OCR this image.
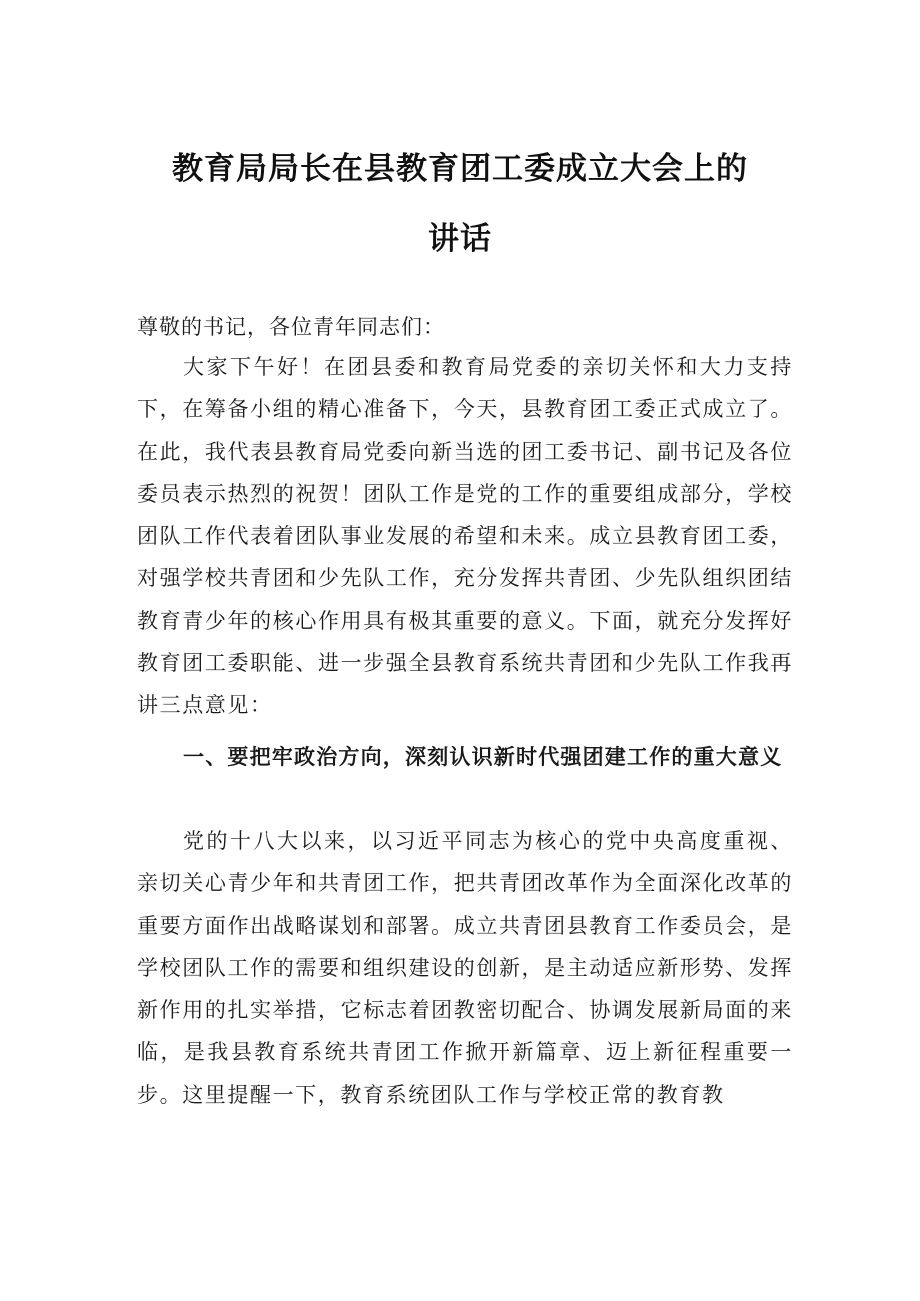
教育局局长在县教育团工委成立大会上的
讲话
尊敬的书记，各位青年同志们：

大家下午好！在团县委和教育局党委的亲切关怀和大力支持下，在筹备小组的精心准备下，今天，县教育团工委正式成立了。在此，我代表县教育局党委向新当选的团工委书记、副书记及各位委员表示热烈的祝贺！团队工作是党的工作的重要组成部分，学校团队工作代表着团队事业发展的希望和未来。成立县教育团工委，对强学校共青团和少先队工作，充分发挥共青团、少先队组织团结教育青少年的核心作用具有极其重要的意义。下面，就充分发挥好教育团工委职能、进一步强全县教育系统共青团和少先队工作我再讲三点意见：

一、要把牢政治方向，深刻认识新时代强团建工作的重大意义

党的十八大以来，以习近平同志为核心的党中央高度重视、亲切关心青少年和共青团工作，把共青团改革作为全面深化改革的重要方面作出战略谋划和部署。成立共青团县教育工作委员会，是学校团队工作的需要和组织建设的创新，是主动适应新形势、发挥新作用的扎实举措，它标志着团教密切配合、协调发展新局面的来临，是我县教育系统共青团工作掀开新篇章、迈上新征程重要一步。这里提醒一下，教育系统团队工作与学校正常的教育教
